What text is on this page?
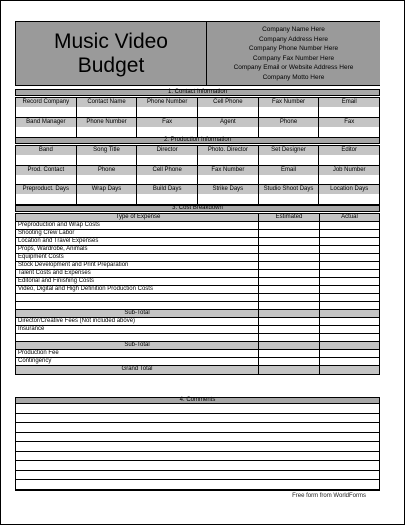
Music Video
Budget
Company Name Here
Company Address Here
Company Phone Number Here
Company Fax Number Here
Company Email or Website Address Here
Company Motto Here
1. Contact Information
Record Company	Contact Name	Phone Number	Cell Phone	Fax Number	Email
Band Manager	Phone Number	Fax	Agent	Phone	Fax
2. Production Information
Band	Song Title	Director	Photo. Director	Set Designer	Editor
Prod. Contact	Phone	Cell Phone	Fax Number	Email	Job Number
Preproduct. Days	Wrap Days	Build Days	Strike Days	Studio Shoot Days	Location Days
3. Cost Breakdown
Type of Expense	Estimated	Actual
Preproduction and Wrap Costs
Shooting Crew Labor
Location and Travel Expenses
Props, Wardrobe, Animals
Equipment Costs
Stock Development and Print Preparation
Talent Costs and Expenses
Editorial and Finishing Costs
Video, Digital and High Definition Production Costs
Sub-Total
Director/Creative Fees (Not included above)
Insurance
Sub-Total
Production Fee
Contingency
Grand Total
4. Comments
Free form from WorldForms
